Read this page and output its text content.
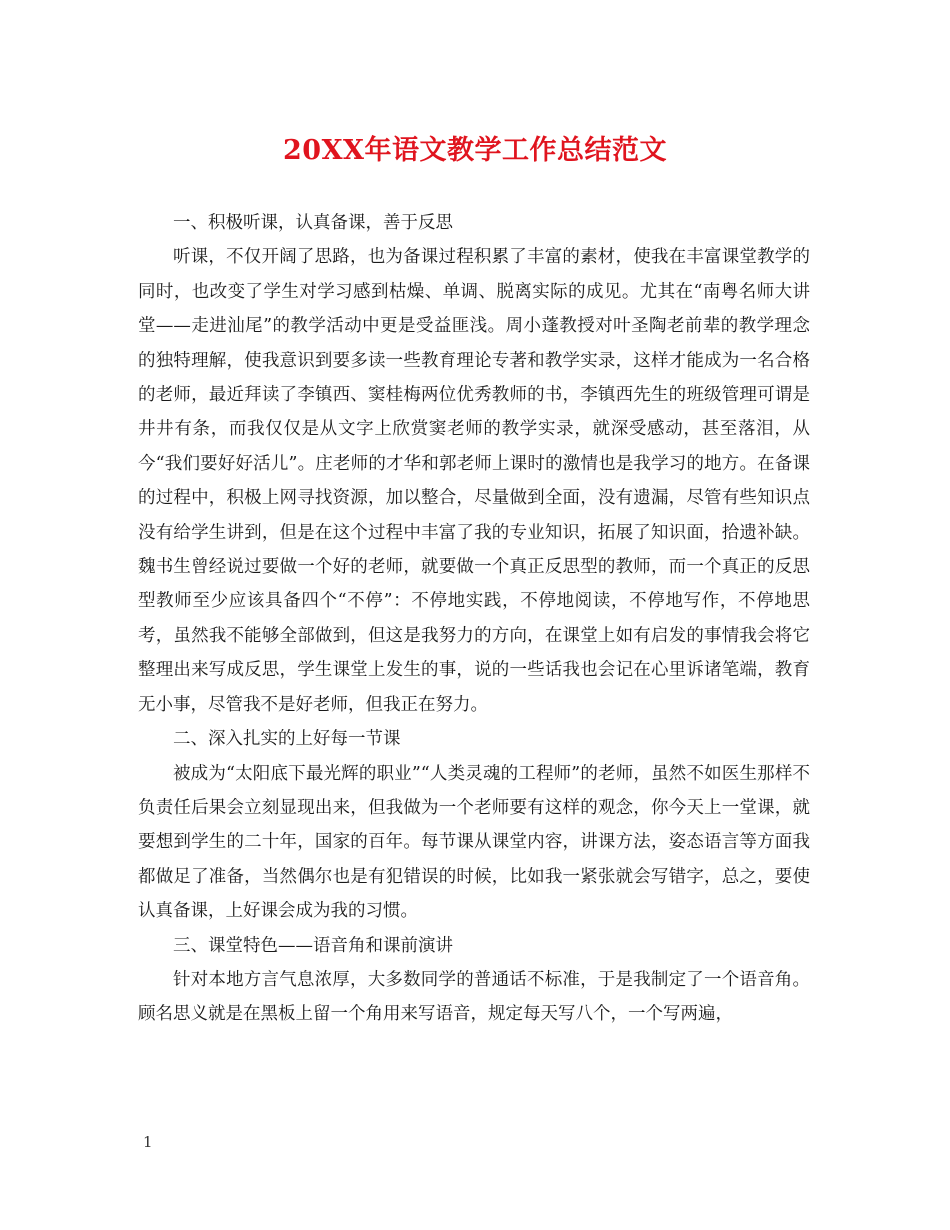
20XX年语文教学工作总结范文

一、积极听课，认真备课，善于反思

听课，不仅开阔了思路，也为备课过程积累了丰富的素材，使我在丰富课堂教学的同时，也改变了学生对学习感到枯燥、单调、脱离实际的成见。尤其在“南粤名师大讲堂——走进汕尾”的教学活动中更是受益匪浅。周小蓬教授对叶圣陶老前辈的教学理念的独特理解，使我意识到要多读一些教育理论专著和教学实录，这样才能成为一名合格的老师，最近拜读了李镇西、窦桂梅两位优秀教师的书，李镇西先生的班级管理可谓是井井有条，而我仅仅是从文字上欣赏窦老师的教学实录，就深受感动，甚至落泪，从今“我们要好好活儿”。庄老师的才华和郭老师上课时的激情也是我学习的地方。在备课的过程中，积极上网寻找资源，加以整合，尽量做到全面，没有遗漏，尽管有些知识点没有给学生讲到，但是在这个过程中丰富了我的专业知识，拓展了知识面，拾遗补缺。魏书生曾经说过要做一个好的老师，就要做一个真正反思型的教师，而一个真正的反思型教师至少应该具备四个“不停”：不停地实践，不停地阅读，不停地写作，不停地思考，虽然我不能够全部做到，但这是我努力的方向，在课堂上如有启发的事情我会将它整理出来写成反思，学生课堂上发生的事，说的一些话我也会记在心里诉诸笔端，教育无小事，尽管我不是好老师，但我正在努力。

二、深入扎实的上好每一节课

被成为“太阳底下最光辉的职业”“人类灵魂的工程师”的老师，虽然不如医生那样不负责任后果会立刻显现出来，但我做为一个老师要有这样的观念，你今天上一堂课，就要想到学生的二十年，国家的百年。每节课从课堂内容，讲课方法，姿态语言等方面我都做足了准备，当然偶尔也是有犯错误的时候，比如我一紧张就会写错字，总之，要使认真备课，上好课会成为我的习惯。

三、课堂特色——语音角和课前演讲

针对本地方言气息浓厚，大多数同学的普通话不标准，于是我制定了一个语音角。顾名思义就是在黑板上留一个角用来写语音，规定每天写八个，一个写两遍，

1
